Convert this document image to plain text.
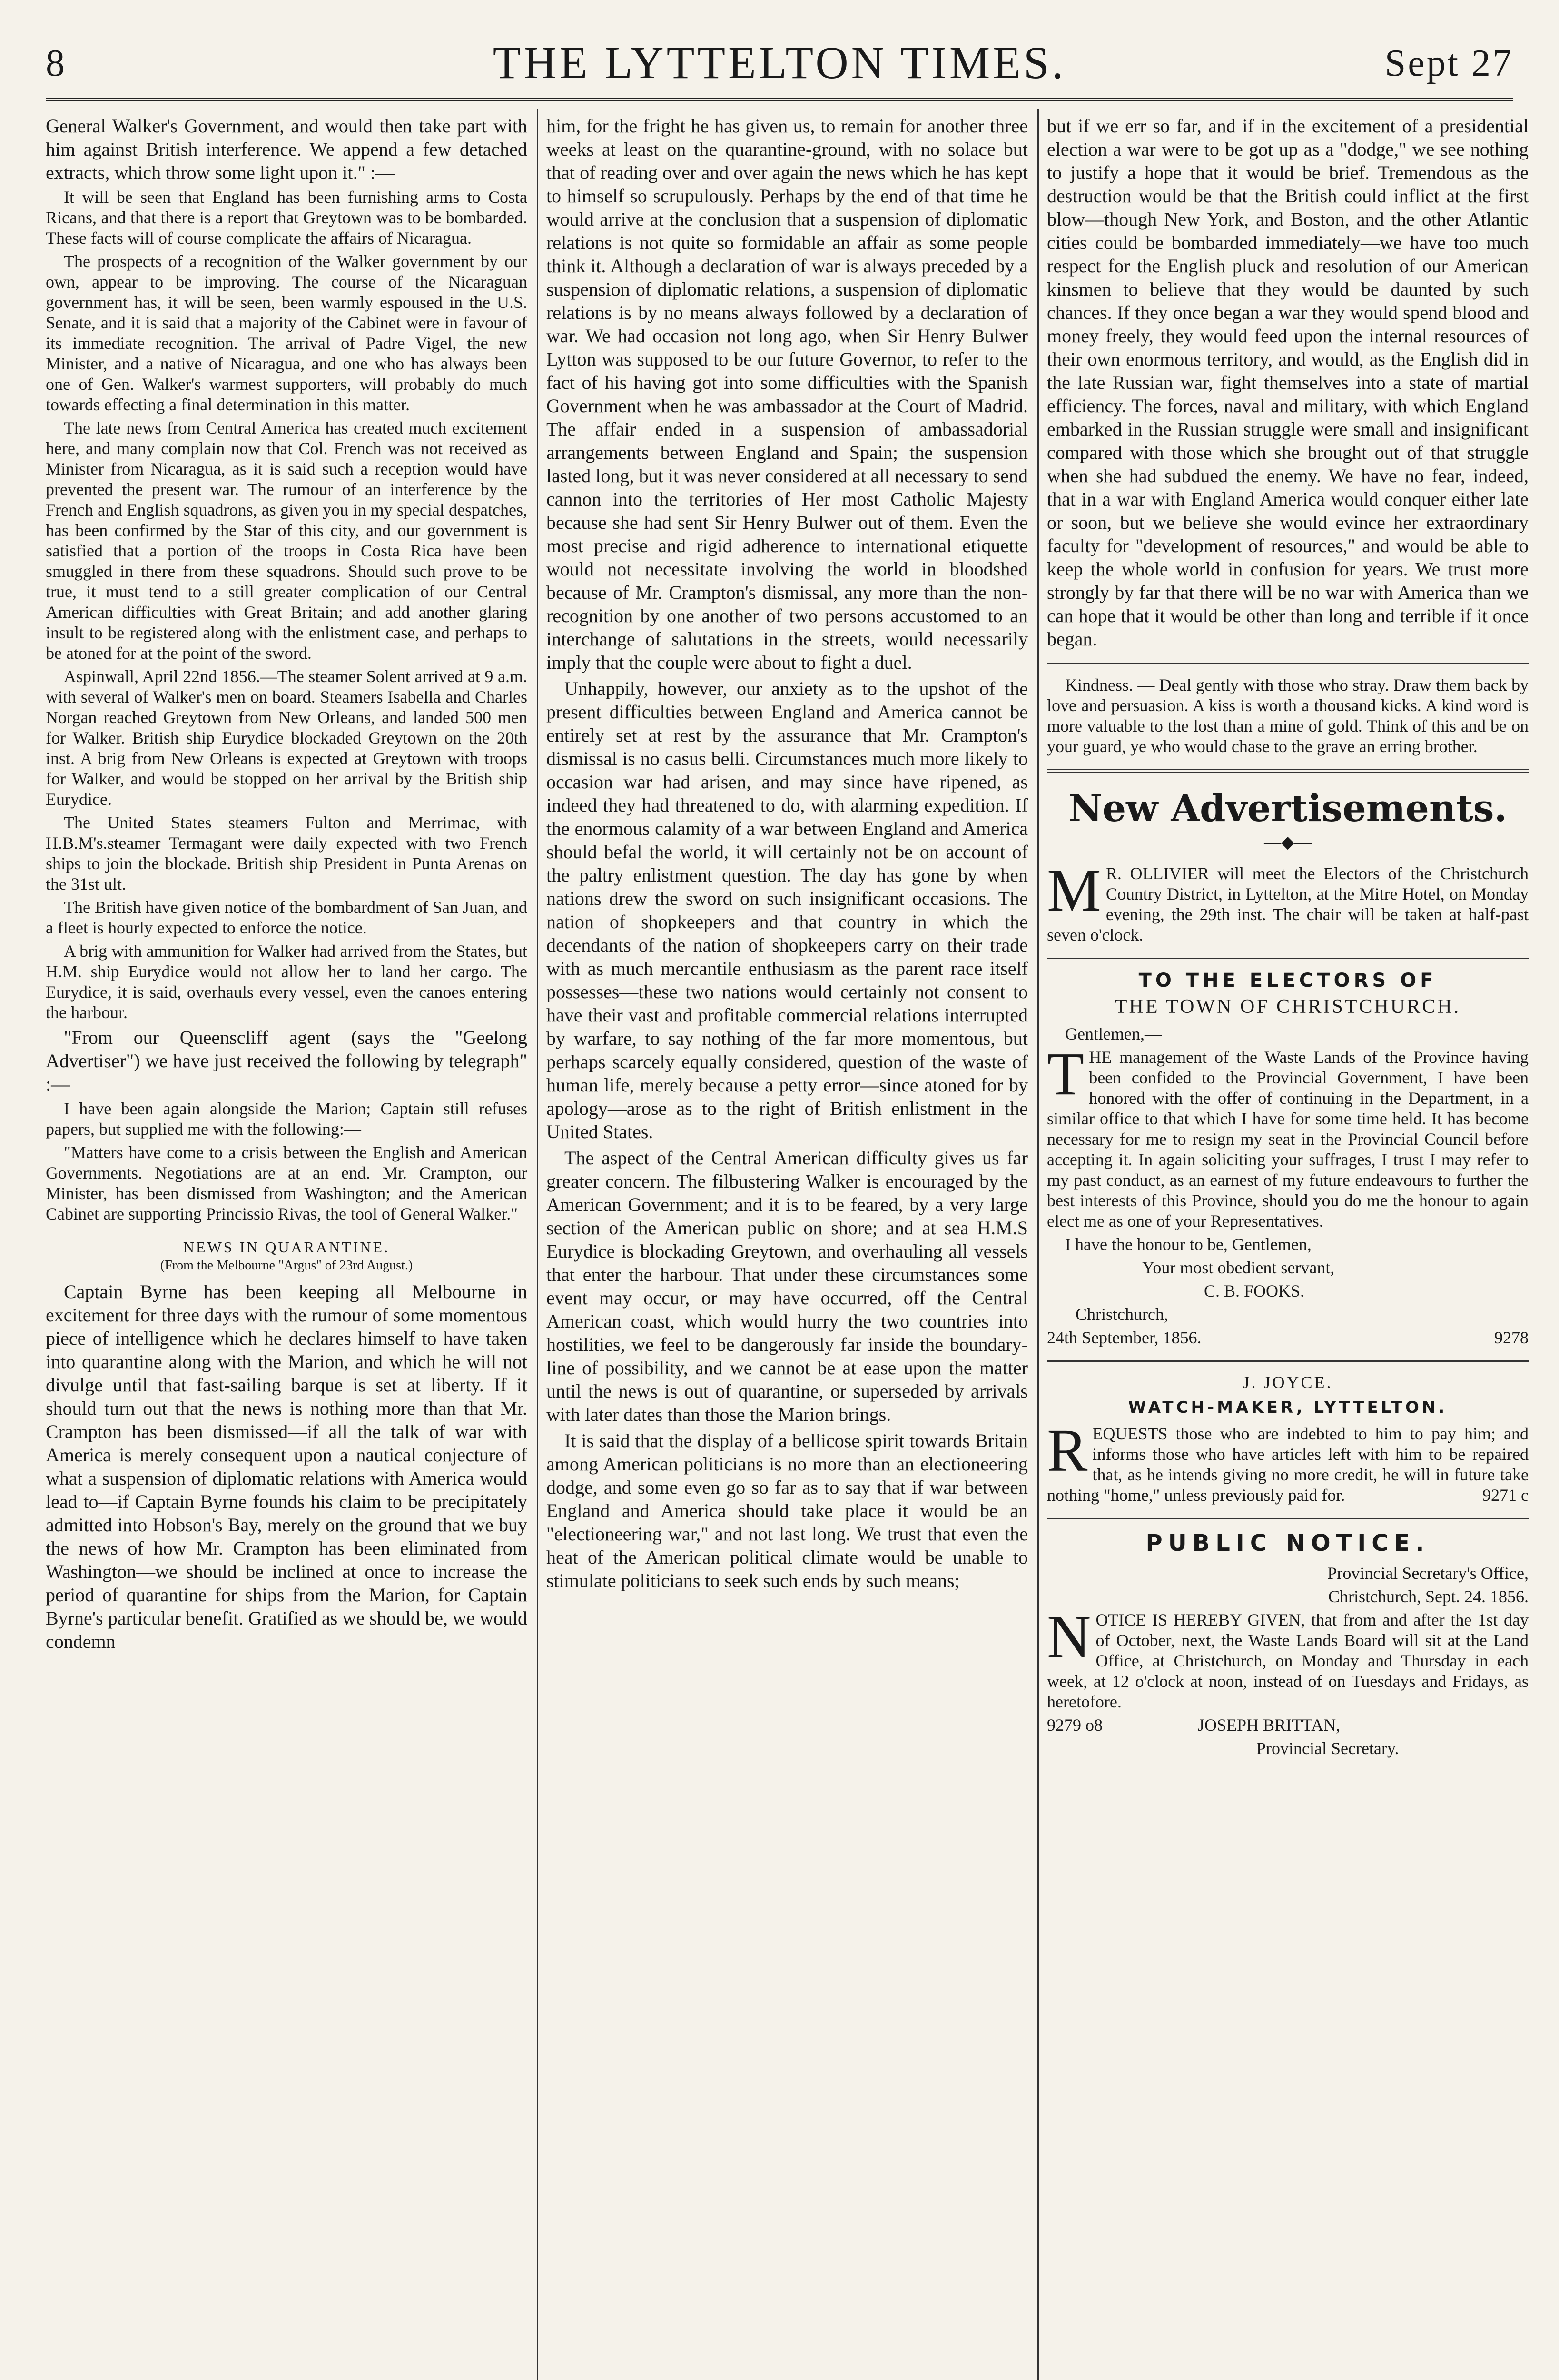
8	THE LYTTELTON TIMES.	Sept 27

General Walker's Government, and would then take part with him against British interference. We append a few detached extracts, which throw some light upon it." :—

It will be seen that England has been furnishing arms to Costa Ricans, and that there is a report that Greytown was to be bombarded. These facts will of course complicate the affairs of Nicaragua.

The prospects of a recognition of the Walker government by our own, appear to be improving. The course of the Nicaraguan government has, it will be seen, been warmly espoused in the U.S. Senate, and it is said that a majority of the Cabinet were in favour of its immediate recognition. The arrival of Padre Vigel, the new Minister, and a native of Nicaragua, and one who has always been one of Gen. Walker's warmest supporters, will probably do much towards effecting a final determination in this matter.

The late news from Central America has created much excitement here, and many complain now that Col. French was not received as Minister from Nicaragua, as it is said such a reception would have prevented the present war. The rumour of an interference by the French and English squadrons, as given you in my special despatches, has been confirmed by the Star of this city, and our government is satisfied that a portion of the troops in Costa Rica have been smuggled in there from these squadrons. Should such prove to be true, it must tend to a still greater complication of our Central American difficulties with Great Britain; and add another glaring insult to be registered along with the enlistment case, and perhaps to be atoned for at the point of the sword.

Aspinwall, April 22nd 1856.—The steamer Solent arrived at 9 a.m. with several of Walker's men on board. Steamers Isabella and Charles Norgan reached Greytown from New Orleans, and landed 500 men for Walker. British ship Eurydice blockaded Greytown on the 20th inst. A brig from New Orleans is expected at Greytown with troops for Walker, and would be stopped on her arrival by the British ship Eurydice.

The United States steamers Fulton and Merrimac, with H.B.M's.steamer Termagant were daily expected with two French ships to join the blockade. British ship President in Punta Arenas on the 31st ult.

The British have given notice of the bombardment of San Juan, and a fleet is hourly expected to enforce the notice.

A brig with ammunition for Walker had arrived from the States, but H.M. ship Eurydice would not allow her to land her cargo. The Eurydice, it is said, overhauls every vessel, even the canoes entering the harbour.

"From our Queenscliff agent (says the "Geelong Advertiser") we have just received the following by telegraph" :—

I have been again alongside the Marion; Captain still refuses papers, but supplied me with the following:—

"Matters have come to a crisis between the English and American Governments. Negotiations are at an end. Mr. Crampton, our Minister, has been dismissed from Washington; and the American Cabinet are supporting Princissio Rivas, the tool of General Walker."

NEWS IN QUARANTINE.
(From the Melbourne "Argus" of 23rd August.)

Captain Byrne has been keeping all Melbourne in excitement for three days with the rumour of some momentous piece of intelligence which he declares himself to have taken into quarantine along with the Marion, and which he will not divulge until that fast-sailing barque is set at liberty. If it should turn out that the news is nothing more than that Mr. Crampton has been dismissed—if all the talk of war with America is merely consequent upon a nautical conjecture of what a suspension of diplomatic relations with America would lead to—if Captain Byrne founds his claim to be precipitately admitted into Hobson's Bay, merely on the ground that we buy the news of how Mr. Crampton has been eliminated from Washington—we should be inclined at once to increase the period of quarantine for ships from the Marion, for Captain Byrne's particular benefit. Gratified as we should be, we would condemn

him, for the fright he has given us, to remain for another three weeks at least on the quarantine-ground, with no solace but that of reading over and over again the news which he has kept to himself so scrupulously. Perhaps by the end of that time he would arrive at the conclusion that a suspension of diplomatic relations is not quite so formidable an affair as some people think it. Although a declaration of war is always preceded by a suspension of diplomatic relations, a suspension of diplomatic relations is by no means always followed by a declaration of war. We had occasion not long ago, when Sir Henry Bulwer Lytton was supposed to be our future Governor, to refer to the fact of his having got into some difficulties with the Spanish Government when he was ambassador at the Court of Madrid. The affair ended in a suspension of ambassadorial arrangements between England and Spain; the suspension lasted long, but it was never considered at all necessary to send cannon into the territories of Her most Catholic Majesty because she had sent Sir Henry Bulwer out of them. Even the most precise and rigid adherence to international etiquette would not necessitate involving the world in bloodshed because of Mr. Crampton's dismissal, any more than the non-recognition by one another of two persons accustomed to an interchange of salutations in the streets, would necessarily imply that the couple were about to fight a duel.

Unhappily, however, our anxiety as to the upshot of the present difficulties between England and America cannot be entirely set at rest by the assurance that Mr. Crampton's dismissal is no casus belli. Circumstances much more likely to occasion war had arisen, and may since have ripened, as indeed they had threatened to do, with alarming expedition. If the enormous calamity of a war between England and America should befal the world, it will certainly not be on account of the paltry enlistment question. The day has gone by when nations drew the sword on such insignificant occasions. The nation of shopkeepers and that country in which the decendants of the nation of shopkeepers carry on their trade with as much mercantile enthusiasm as the parent race itself possesses—these two nations would certainly not consent to have their vast and profitable commercial relations interrupted by warfare, to say nothing of the far more momentous, but perhaps scarcely equally considered, question of the waste of human life, merely because a petty error—since atoned for by apology—arose as to the right of British enlistment in the United States.

The aspect of the Central American difficulty gives us far greater concern. The filbustering Walker is encouraged by the American Government; and it is to be feared, by a very large section of the American public on shore; and at sea H.M.S Eurydice is blockading Greytown, and overhauling all vessels that enter the harbour. That under these circumstances some event may occur, or may have occurred, off the Central American coast, which would hurry the two countries into hostilities, we feel to be dangerously far inside the boundary-line of possibility, and we cannot be at ease upon the matter until the news is out of quarantine, or superseded by arrivals with later dates than those the Marion brings.

It is said that the display of a bellicose spirit towards Britain among American politicians is no more than an electioneering dodge, and some even go so far as to say that if war between England and America should take place it would be an "electioneering war," and not last long. We trust that even the heat of the American political climate would be unable to stimulate politicians to seek such ends by such means;

but if we err so far, and if in the excitement of a presidential election a war were to be got up as a "dodge," we see nothing to justify a hope that it would be brief. Tremendous as the destruction would be that the British could inflict at the first blow—though New York, and Boston, and the other Atlantic cities could be bombarded immediately—we have too much respect for the English pluck and resolution of our American kinsmen to believe that they would be daunted by such chances. If they once began a war they would spend blood and money freely, they would feed upon the internal resources of their own enormous territory, and would, as the English did in the late Russian war, fight themselves into a state of martial efficiency. The forces, naval and military, with which England embarked in the Russian struggle were small and insignificant compared with those which she brought out of that struggle when she had subdued the enemy. We have no fear, indeed, that in a war with England America would conquer either late or soon, but we believe she would evince her extraordinary faculty for "development of resources," and would be able to keep the whole world in confusion for years. We trust more strongly by far that there will be no war with America than we can hope that it would be other than long and terrible if it once began.

Kindness. — Deal gently with those who stray. Draw them back by love and persuasion. A kiss is worth a thousand kicks. A kind word is more valuable to the lost than a mine of gold. Think of this and be on your guard, ye who would chase to the grave an erring brother.

New Advertisements.
—◆—

M R. OLLIVIER will meet the Electors of the Christchurch Country District, in Lyttelton, at the Mitre Hotel, on Monday evening, the 29th inst. The chair will be taken at half-past seven o'clock.

TO THE ELECTORS OF
THE TOWN OF CHRISTCHURCH.

Gentlemen,—

THE management of the Waste Lands of the Province having been confided to the Provincial Government, I have been honored with the offer of continuing in the Department, in a similar office to that which I have for some time held. It has become necessary for me to resign my seat in the Provincial Council before accepting it. In again soliciting your suffrages, I trust I may refer to my past conduct, as an earnest of my future endeavours to further the best interests of this Province, should you do me the honour to again elect me as one of your Representatives.

I have the honour to be, Gentlemen,

Your most obedient servant,

C. B. FOOKS.

Christchurch,

24th September, 1856.	9278

J. JOYCE.
WATCH-MAKER, LYTTELTON.

REQUESTS those who are indebted to him to pay him; and informs those who have articles left with him to be repaired that, as he intends giving no more credit, he will in future take nothing "home," unless previously paid for.	9271 c

PUBLIC NOTICE.

Provincial Secretary's Office,

Christchurch, Sept. 24. 1856.

NOTICE IS HEREBY GIVEN, that from and after the 1st day of October, next, the Waste Lands Board will sit at the Land Office, at Christchurch, on Monday and Thursday in each week, at 12 o'clock at noon, instead of on Tuesdays and Fridays, as heretofore.

9279 o8	JOSEPH BRITTAN,

Provincial Secretary.
